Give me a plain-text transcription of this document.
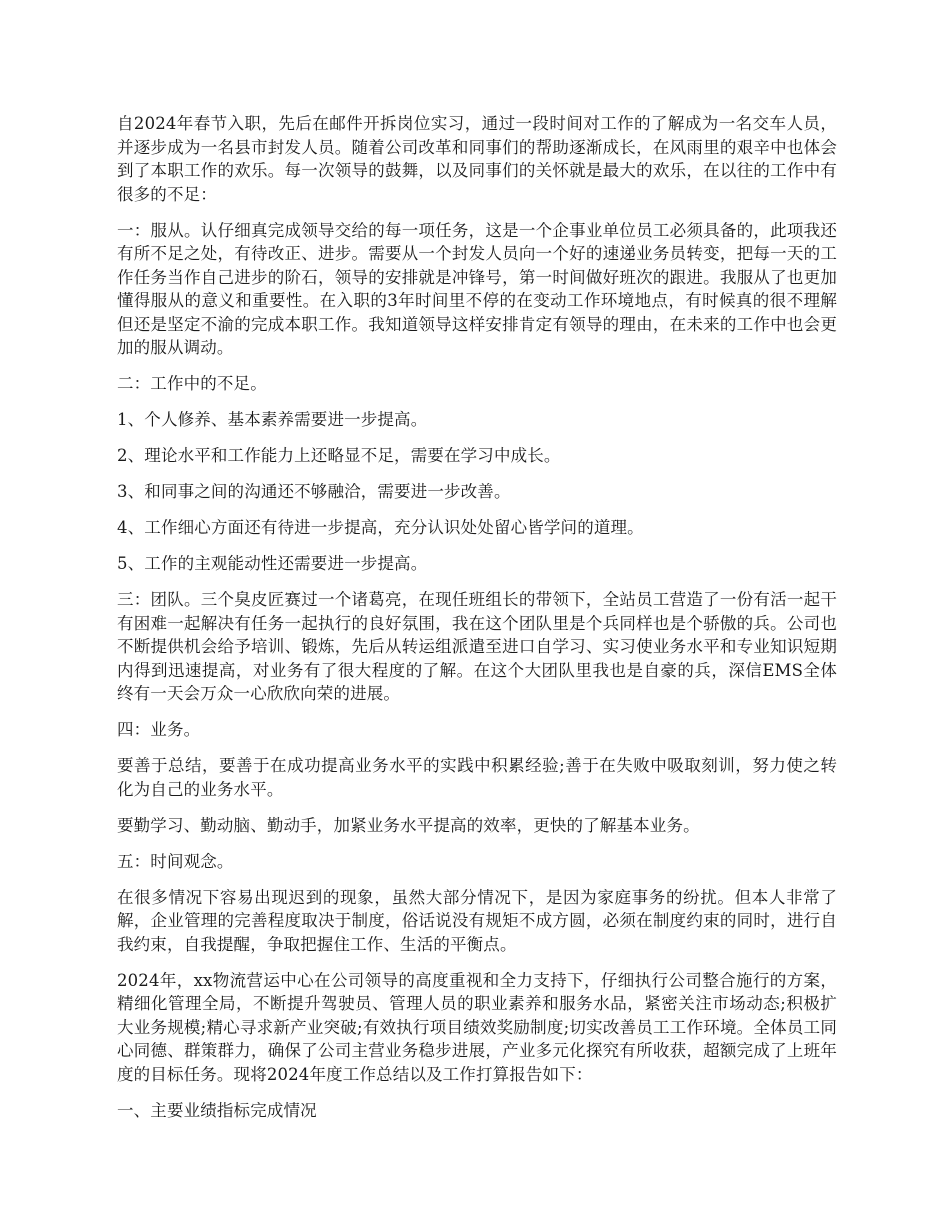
自2024年春节入职，先后在邮件开拆岗位实习，通过一段时间对工作的了解成为一名交车人员，并逐步成为一名县市封发人员。随着公司改革和同事们的帮助逐渐成长，在风雨里的艰辛中也体会到了本职工作的欢乐。每一次领导的鼓舞，以及同事们的关怀就是最大的欢乐，在以往的工作中有很多的不足：

一：服从。认仔细真完成领导交给的每一项任务，这是一个企事业单位员工必须具备的，此项我还有所不足之处，有待改正、进步。需要从一个封发人员向一个好的速递业务员转变，把每一天的工作任务当作自己进步的阶石，领导的安排就是冲锋号，第一时间做好班次的跟进。我服从了也更加懂得服从的意义和重要性。在入职的3年时间里不停的在变动工作环境地点，有时候真的很不理解但还是坚定不渝的完成本职工作。我知道领导这样安排肯定有领导的理由，在未来的工作中也会更加的服从调动。

二：工作中的不足。

1、个人修养、基本素养需要进一步提高。

2、理论水平和工作能力上还略显不足，需要在学习中成长。

3、和同事之间的沟通还不够融洽，需要进一步改善。

4、工作细心方面还有待进一步提高，充分认识处处留心皆学问的道理。

5、工作的主观能动性还需要进一步提高。

三：团队。三个臭皮匠赛过一个诸葛亮，在现任班组长的带领下，全站员工营造了一份有活一起干有困难一起解决有任务一起执行的良好氛围，我在这个团队里是个兵同样也是个骄傲的兵。公司也不断提供机会给予培训、锻炼，先后从转运组派遣至进口自学习、实习使业务水平和专业知识短期内得到迅速提高，对业务有了很大程度的了解。在这个大团队里我也是自豪的兵，深信EMS全体终有一天会万众一心欣欣向荣的进展。

四：业务。

要善于总结，要善于在成功提高业务水平的实践中积累经验;善于在失败中吸取刻训，努力使之转化为自己的业务水平。

要勤学习、勤动脑、勤动手，加紧业务水平提高的效率，更快的了解基本业务。

五：时间观念。

在很多情况下容易出现迟到的现象，虽然大部分情况下，是因为家庭事务的纷扰。但本人非常了解，企业管理的完善程度取决于制度，俗话说没有规矩不成方圆，必须在制度约束的同时，进行自我约束，自我提醒，争取把握住工作、生活的平衡点。

2024年，xx物流营运中心在公司领导的高度重视和全力支持下，仔细执行公司整合施行的方案，精细化管理全局，不断提升驾驶员、管理人员的职业素养和服务水品，紧密关注市场动态;积极扩大业务规模;精心寻求新产业突破;有效执行项目绩效奖励制度;切实改善员工工作环境。全体员工同心同德、群策群力，确保了公司主营业务稳步进展，产业多元化探究有所收获，超额完成了上班年度的目标任务。现将2024年度工作总结以及工作打算报告如下：

一、主要业绩指标完成情况
